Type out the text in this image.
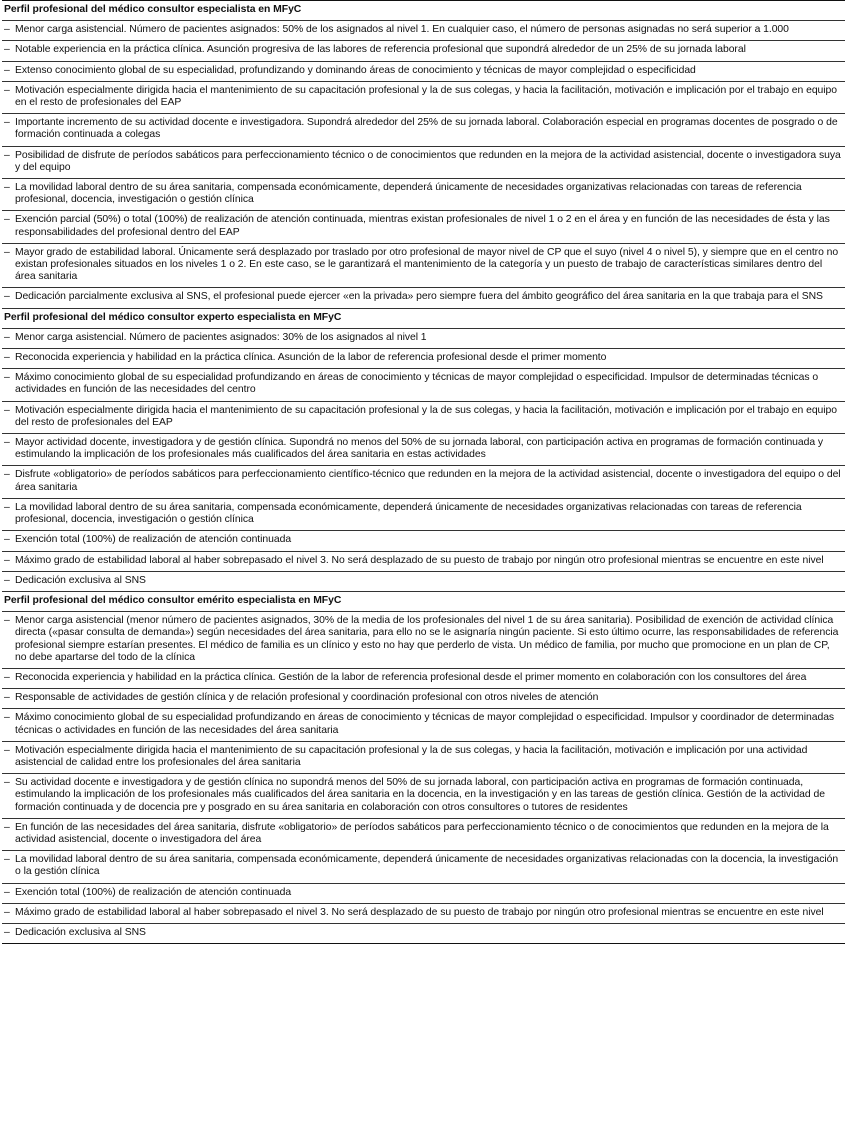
Perfil profesional del médico consultor especialista en MFyC
– Menor carga asistencial. Número de pacientes asignados: 50% de los asignados al nivel 1. En cualquier caso, el número de personas asignadas no será superior a 1.000
– Notable experiencia en la práctica clínica. Asunción progresiva de las labores de referencia profesional que supondrá alrededor de un 25% de su jornada laboral
– Extenso conocimiento global de su especialidad, profundizando y dominando áreas de conocimiento y técnicas de mayor complejidad o especificidad
– Motivación especialmente dirigida hacia el mantenimiento de su capacitación profesional y la de sus colegas, y hacia la facilitación, motivación e implicación por el trabajo en equipo en el resto de profesionales del EAP
– Importante incremento de su actividad docente e investigadora. Supondrá alrededor del 25% de su jornada laboral. Colaboración especial en programas docentes de posgrado o de formación continuada a colegas
– Posibilidad de disfrute de períodos sabáticos para perfeccionamiento técnico o de conocimientos que redunden en la mejora de la actividad asistencial, docente o investigadora suya y del equipo
– La movilidad laboral dentro de su área sanitaria, compensada económicamente, dependerá únicamente de necesidades organizativas relacionadas con tareas de referencia profesional, docencia, investigación o gestión clínica
– Exención parcial (50%) o total (100%) de realización de atención continuada, mientras existan profesionales de nivel 1 o 2 en el área y en función de las necesidades de ésta y las responsabilidades del profesional dentro del EAP
– Mayor grado de estabilidad laboral. Únicamente será desplazado por traslado por otro profesional de mayor nivel de CP que el suyo (nivel 4 o nivel 5), y siempre que en el centro no existan profesionales situados en los niveles 1 o 2. En este caso, se le garantizará el mantenimiento de la categoría y un puesto de trabajo de características similares dentro del área sanitaria
– Dedicación parcialmente exclusiva al SNS, el profesional puede ejercer «en la privada» pero siempre fuera del ámbito geográfico del área sanitaria en la que trabaja para el SNS
Perfil profesional del médico consultor experto especialista en MFyC
– Menor carga asistencial. Número de pacientes asignados: 30% de los asignados al nivel 1
– Reconocida experiencia y habilidad en la práctica clínica. Asunción de la labor de referencia profesional desde el primer momento
– Máximo conocimiento global de su especialidad profundizando en áreas de conocimiento y técnicas de mayor complejidad o especificidad. Impulsor de determinadas técnicas o actividades en función de las necesidades del centro
– Motivación especialmente dirigida hacia el mantenimiento de su capacitación profesional y la de sus colegas, y hacia la facilitación, motivación e implicación por el trabajo en equipo del resto de profesionales del EAP
– Mayor actividad docente, investigadora y de gestión clínica. Supondrá no menos del 50% de su jornada laboral, con participación activa en programas de formación continuada y estimulando la implicación de los profesionales más cualificados del área sanitaria en estas actividades
– Disfrute «obligatorio» de períodos sabáticos para perfeccionamiento científico-técnico que redunden en la mejora de la actividad asistencial, docente o investigadora del equipo o del área sanitaria
– La movilidad laboral dentro de su área sanitaria, compensada económicamente, dependerá únicamente de necesidades organizativas relacionadas con tareas de referencia profesional, docencia, investigación o gestión clínica
– Exención total (100%) de realización de atención continuada
– Máximo grado de estabilidad laboral al haber sobrepasado el nivel 3. No será desplazado de su puesto de trabajo por ningún otro profesional mientras se encuentre en este nivel
– Dedicación exclusiva al SNS
Perfil profesional del médico consultor emérito especialista en MFyC
– Menor carga asistencial (menor número de pacientes asignados, 30% de la media de los profesionales del nivel 1 de su área sanitaria). Posibilidad de exención de actividad clínica directa («pasar consulta de demanda») según necesidades del área sanitaria, para ello no se le asignaría ningún paciente. Si esto último ocurre, las responsabilidades de referencia profesional siempre estarían presentes. El médico de familia es un clínico y esto no hay que perderlo de vista. Un médico de familia, por mucho que promocione en un plan de CP, no debe apartarse del todo de la clínica
– Reconocida experiencia y habilidad en la práctica clínica. Gestión de la labor de referencia profesional desde el primer momento en colaboración con los consultores del área
– Responsable de actividades de gestión clínica y de relación profesional y coordinación profesional con otros niveles de atención
– Máximo conocimiento global de su especialidad profundizando en áreas de conocimiento y técnicas de mayor complejidad o especificidad. Impulsor y coordinador de determinadas técnicas o actividades en función de las necesidades del área sanitaria
– Motivación especialmente dirigida hacia el mantenimiento de su capacitación profesional y la de sus colegas, y hacia la facilitación, motivación e implicación por una actividad asistencial de calidad entre los profesionales del área sanitaria
– Su actividad docente e investigadora y de gestión clínica no supondrá menos del 50% de su jornada laboral, con participación activa en programas de formación continuada, estimulando la implicación de los profesionales más cualificados del área sanitaria en la docencia, en la investigación y en las tareas de gestión clínica. Gestión de la actividad de formación continuada y de docencia pre y posgrado en su área sanitaria en colaboración con otros consultores o tutores de residentes
– En función de las necesidades del área sanitaria, disfrute «obligatorio» de períodos sabáticos para perfeccionamiento técnico o de conocimientos que redunden en la mejora de la actividad asistencial, docente o investigadora del área
– La movilidad laboral dentro de su área sanitaria, compensada económicamente, dependerá únicamente de necesidades organizativas relacionadas con la docencia, la investigación o la gestión clínica
– Exención total (100%) de realización de atención continuada
– Máximo grado de estabilidad laboral al haber sobrepasado el nivel 3. No será desplazado de su puesto de trabajo por ningún otro profesional mientras se encuentre en este nivel
– Dedicación exclusiva al SNS
